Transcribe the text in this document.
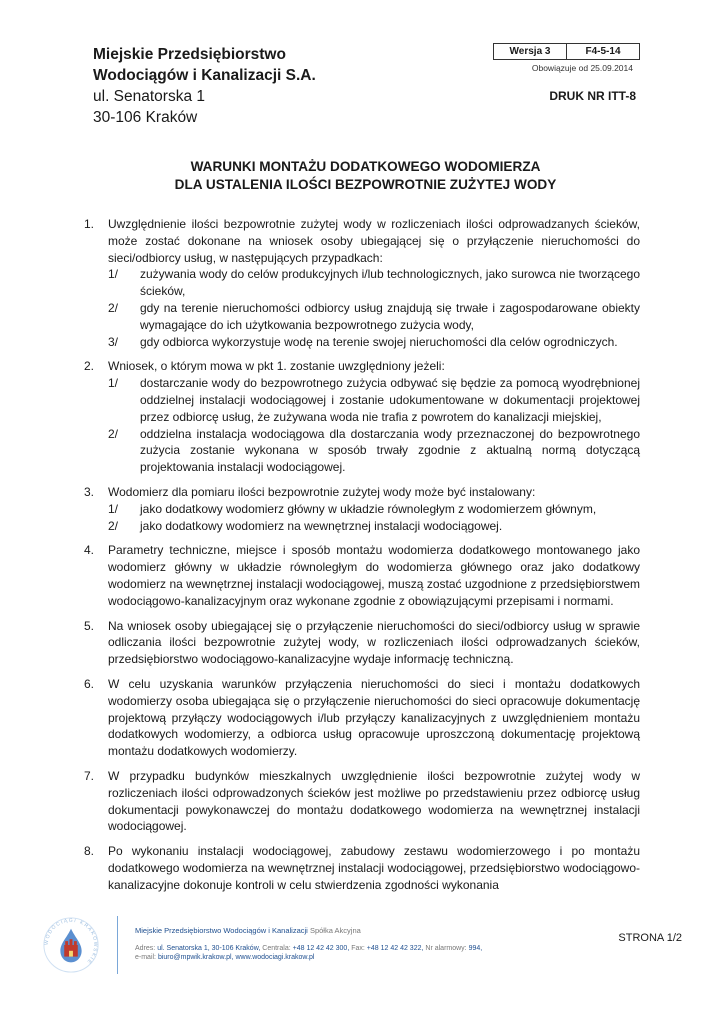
Miejskie Przedsiębiorstwo
Wodociągów i Kanalizacji S.A.
ul. Senatorska 1
30-106 Kraków
Wersja 3	F4-5-14
Obowiązuje od 25.09.2014
DRUK NR ITT-8
WARUNKI MONTAŻU DODATKOWEGO WODOMIERZA
DLA USTALENIA ILOŚCI BEZPOWROTNIE ZUŻYTEJ WODY
1.	Uwzględnienie ilości bezpowrotnie zużytej wody w rozliczeniach ilości odprowadzanych ścieków, może zostać dokonane na wniosek osoby ubiegającej się o przyłączenie nieruchomości do sieci/odbiorcy usług, w następujących przypadkach:
1/	zużywania wody do celów produkcyjnych i/lub technologicznych, jako surowca nie tworzącego ścieków,
2/	gdy na terenie nieruchomości odbiorcy usług znajdują się trwałe i zagospodarowane obiekty wymagające do ich użytkowania bezpowrotnego zużycia wody,
3/	gdy odbiorca wykorzystuje wodę na terenie swojej nieruchomości dla celów ogrodniczych.
2.	Wniosek, o którym mowa w pkt 1. zostanie uwzględniony jeżeli:
1/	dostarczanie wody do bezpowrotnego zużycia odbywać się będzie za pomocą wyodrębnionej oddzielnej instalacji wodociągowej i zostanie udokumentowane w dokumentacji projektowej przez odbiorcę usług, że zużywana woda nie trafia z powrotem do kanalizacji miejskiej,
2/	oddzielna instalacja wodociągowa dla dostarczania wody przeznaczonej do bezpowrotnego zużycia zostanie wykonana w sposób trwały zgodnie z aktualną normą dotyczącą projektowania instalacji wodociągowej.
3.	Wodomierz dla pomiaru ilości bezpowrotnie zużytej wody może być instalowany:
1/	jako dodatkowy wodomierz główny w układzie równoległym z wodomierzem głównym,
2/	jako dodatkowy wodomierz na wewnętrznej instalacji wodociągowej.
4.	Parametry techniczne, miejsce i sposób montażu wodomierza dodatkowego montowanego jako wodomierz główny w układzie równoległym do wodomierza głównego oraz jako dodatkowy wodomierz na wewnętrznej instalacji wodociągowej, muszą zostać uzgodnione z przedsiębiorstwem wodociągowo-kanalizacyjnym oraz wykonane zgodnie z obowiązującymi przepisami i normami.
5.	Na wniosek osoby ubiegającej się o przyłączenie nieruchomości do sieci/odbiorcy usług w sprawie odliczania ilości bezpowrotnie zużytej wody, w rozliczeniach ilości odprowadzanych ścieków, przedsiębiorstwo wodociągowo-kanalizacyjne wydaje informację techniczną.
6.	W celu uzyskania warunków przyłączenia nieruchomości do sieci i montażu dodatkowych wodomierzy osoba ubiegająca się o przyłączenie nieruchomości do sieci opracowuje dokumentację projektową przyłączy wodociągowych i/lub przyłączy kanalizacyjnych z uwzględnieniem montażu dodatkowych wodomierzy, a odbiorca usług opracowuje uproszczoną dokumentację projektową montażu dodatkowych wodomierzy.
7.	W przypadku budynków mieszkalnych uwzględnienie ilości bezpowrotnie zużytej wody w rozliczeniach ilości odprowadzonych ścieków jest możliwe po przedstawieniu przez odbiorcę usług dokumentacji powykonawczej do montażu dodatkowego wodomierza na wewnętrznej instalacji wodociągowej.
8.	Po wykonaniu instalacji wodociągowej, zabudowy zestawu wodomierzowego i po montażu dodatkowego wodomierza na wewnętrznej instalacji wodociągowej, przedsiębiorstwo wodociągowo-kanalizacyjne dokonuje kontroli w celu stwierdzenia zgodności wykonania
WODOCIĄGI KRAKOWSKIE
Miejskie Przedsiębiorstwo Wodociągów i Kanalizacji Spółka Akcyjna
Adres: ul. Senatorska 1, 30-106 Kraków, Centrala: +48 12 42 42 300, Fax: +48 12 42 42 322, Nr alarmowy: 994,
e-mail: biuro@mpwik.krakow.pl, www.wodociagi.krakow.pl
STRONA 1/2
